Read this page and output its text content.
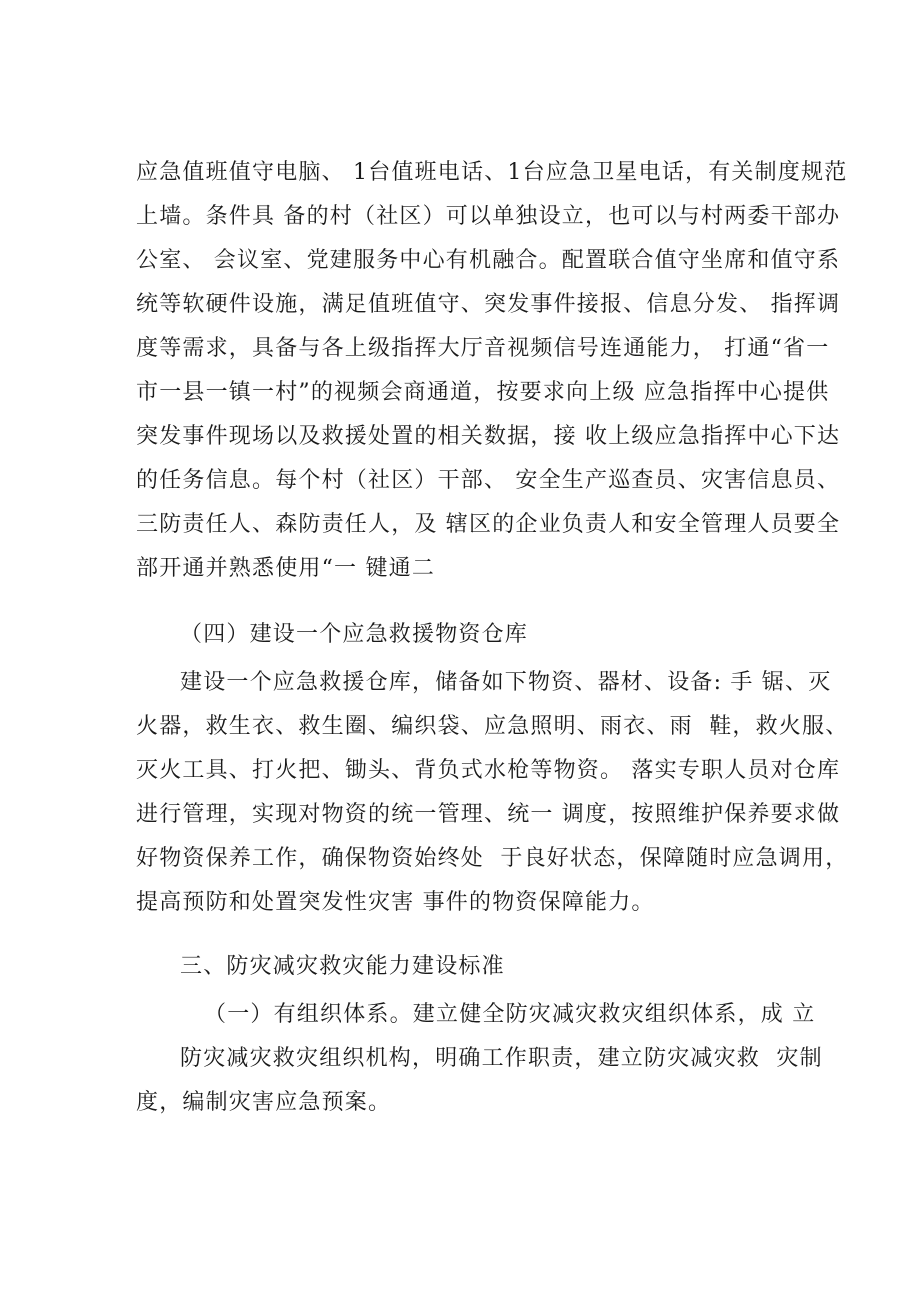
应急值班值守电脑、 1台值班电话、1台应急卫星电话，有关制度规范
上墙。条件具 备的村（社区）可以单独设立，也可以与村两委干部办
公室、 会议室、党建服务中心有机融合。配置联合值守坐席和值守系
统等软硬件设施，满足值班值守、突发事件接报、信息分发、 指挥调
度等需求，具备与各上级指挥大厅音视频信号连通能力， 打通“省一
市一县一镇一村”的视频会商通道，按要求向上级 应急指挥中心提供
突发事件现场以及救援处置的相关数据，接 收上级应急指挥中心下达
的任务信息。每个村（社区）干部、 安全生产巡查员、灾害信息员、
三防责任人、森防责任人，及 辖区的企业负责人和安全管理人员要全
部开通并熟悉使用“一 键通二
（四）建设一个应急救援物资仓库
建设一个应急救援仓库，储备如下物资、器材、设备: 手 锯、灭
火器，救生衣、救生圈、编织袋、应急照明、雨衣、雨  鞋，救火服、
灭火工具、打火把、锄头、背负式水枪等物资。 落实专职人员对仓库
进行管理，实现对物资的统一管理、统一 调度，按照维护保养要求做
好物资保养工作，确保物资始终处  于良好状态，保障随时应急调用，
提高预防和处置突发性灾害 事件的物资保障能力。
三、防灾减灾救灾能力建设标准
（一）有组织体系。建立健全防灾减灾救灾组织体系，成 立
防灾减灾救灾组织机构，明确工作职责，建立防灾减灾救  灾制
度，编制灾害应急预案。
